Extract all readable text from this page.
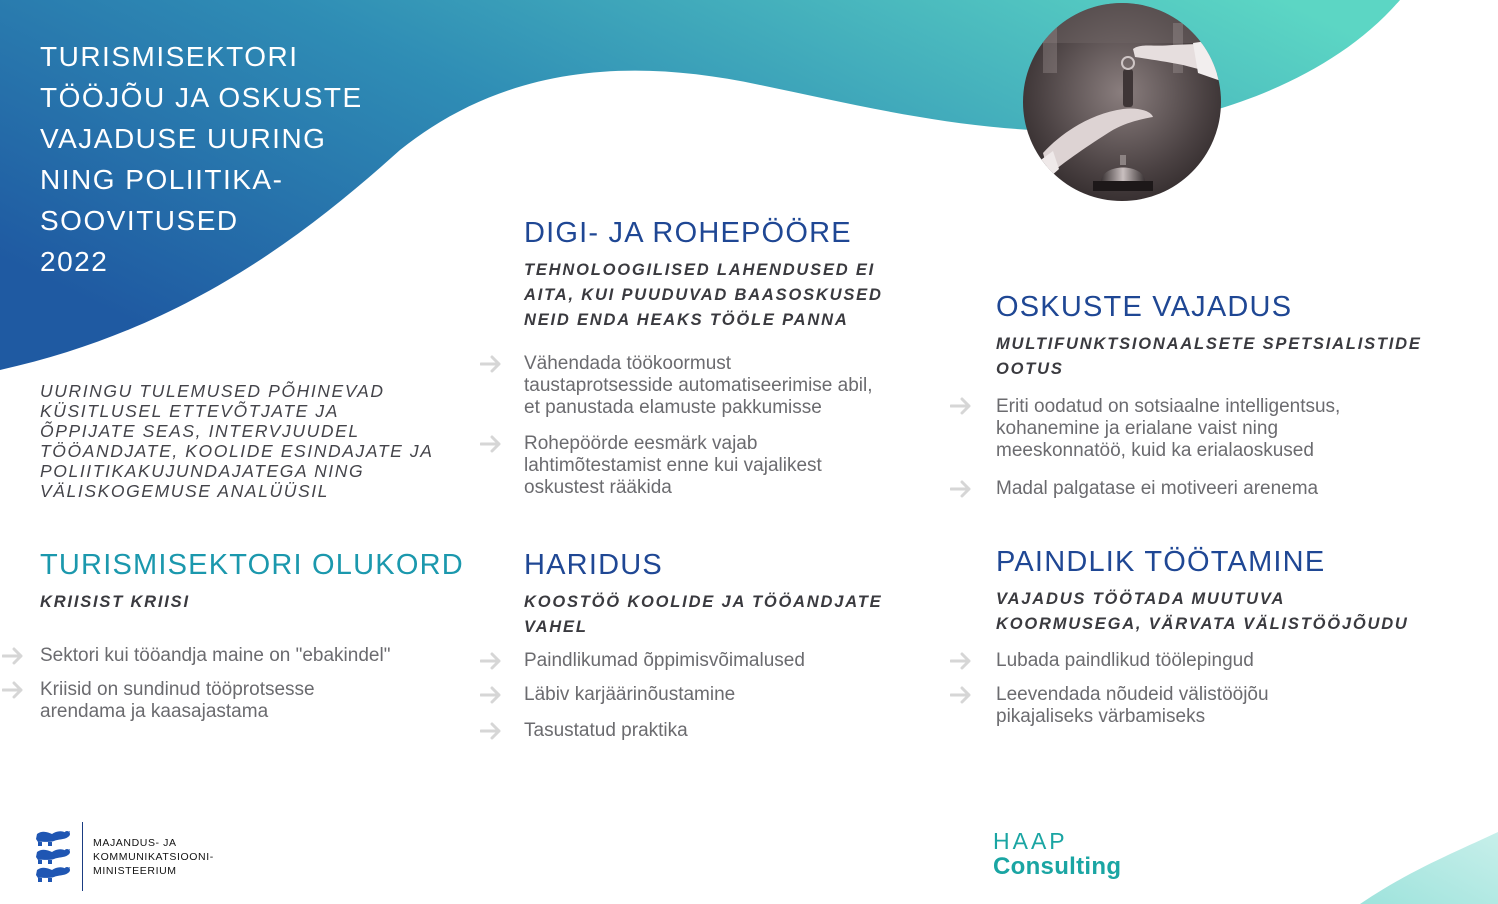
TURISMISEKTORI
TÖÖJÕU JA OSKUSTE
VAJADUSE UURING
NING POLIITIKA-
SOOVITUSED
2022
UURINGU TULEMUSED PÕHINEVAD
KÜSITLUSEL ETTEVÕTJATE JA
ÕPPIJATE SEAS, INTERVJUUDEL
TÖÖANDJATE, KOOLIDE ESINDAJATE JA
POLIITIKAKUJUNDAJATEGA NING
VÄLISKOGEMUSE ANALÜÜSIL
DIGI- JA ROHEPÖÖRE
TEHNOLOOGILISED LAHENDUSED EI
AITA, KUI PUUDUVAD BAASOSKUSED
NEID ENDA HEAKS TÖÖLE PANNA
Vähendada töökoormust
taustaprotsesside automatiseerimise abil,
et panustada elamuste pakkumisse
Rohepöörde eesmärk vajab
lahtimõtestamist enne kui vajalikest
oskustest rääkida
OSKUSTE VAJADUS
MULTIFUNKTSIONAALSETE SPETSIALISTIDE
OOTUS
Eriti oodatud on sotsiaalne intelligentsus,
kohanemine ja erialane vaist ning
meeskonnatöö, kuid ka erialaoskused
Madal palgatase ei motiveeri arenema
TURISMISEKTORI OLUKORD
KRIISIST KRIISI
Sektori kui tööandja maine on "ebakindel"
Kriisid on sundinud tööprotsesse
arendama ja kaasajastama
HARIDUS
KOOSTÖÖ KOOLIDE JA TÖÖANDJATE
VAHEL
Paindlikumad õppimisvõimalused
Läbiv karjäärinõustamine
Tasustatud praktika
PAINDLIK TÖÖTAMINE
VAJADUS TÖÖTADA MUUTUVA
KOORMUSEGA, VÄRVATA VÄLISTÖÖJÕUDU
Lubada paindlikud töölepingud
Leevendada nõudeid välistööjõu
pikajaliseks värbamiseks
MAJANDUS- JA
KOMMUNIKATSIOONI-
MINISTEERIUM
HAAP
Consulting
